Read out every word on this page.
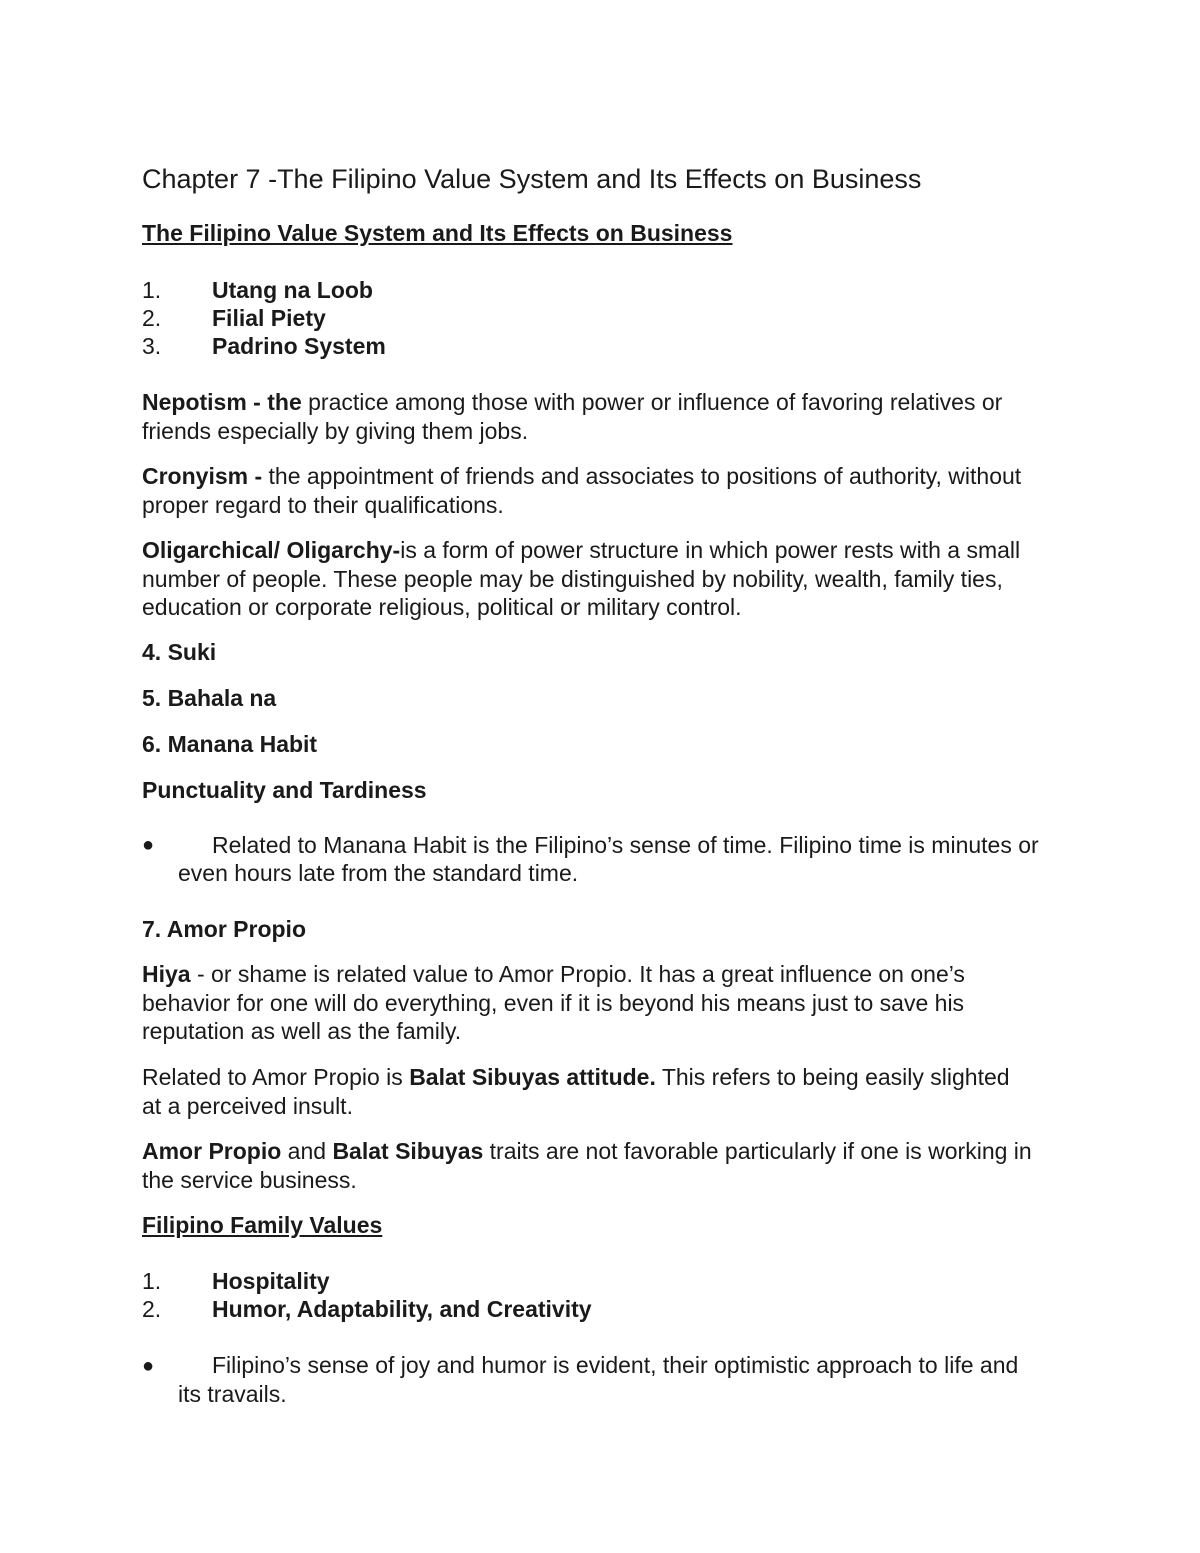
Chapter 7 -The Filipino Value System and Its Effects on Business
The Filipino Value System and Its Effects on Business
1. Utang na Loob
2. Filial Piety
3. Padrino System
Nepotism - the practice among those with power or influence of favoring relatives or
friends especially by giving them jobs.
Cronyism - the appointment of friends and associates to positions of authority, without
proper regard to their qualifications.
Oligarchical/ Oligarchy-is a form of power structure in which power rests with a small
number of people. These people may be distinguished by nobility, wealth, family ties,
education or corporate religious, political or military control.
4. Suki
5. Bahala na
6. Manana Habit
Punctuality and Tardiness
●	Related to Manana Habit is the Filipino’s sense of time. Filipino time is minutes or
even hours late from the standard time.
7. Amor Propio
Hiya - or shame is related value to Amor Propio. It has a great influence on one’s
behavior for one will do everything, even if it is beyond his means just to save his
reputation as well as the family.
Related to Amor Propio is Balat Sibuyas attitude. This refers to being easily slighted
at a perceived insult.
Amor Propio and Balat Sibuyas traits are not favorable particularly if one is working in
the service business.
Filipino Family Values
1. Hospitality
2. Humor, Adaptability, and Creativity
●	Filipino’s sense of joy and humor is evident, their optimistic approach to life and
its travails.
